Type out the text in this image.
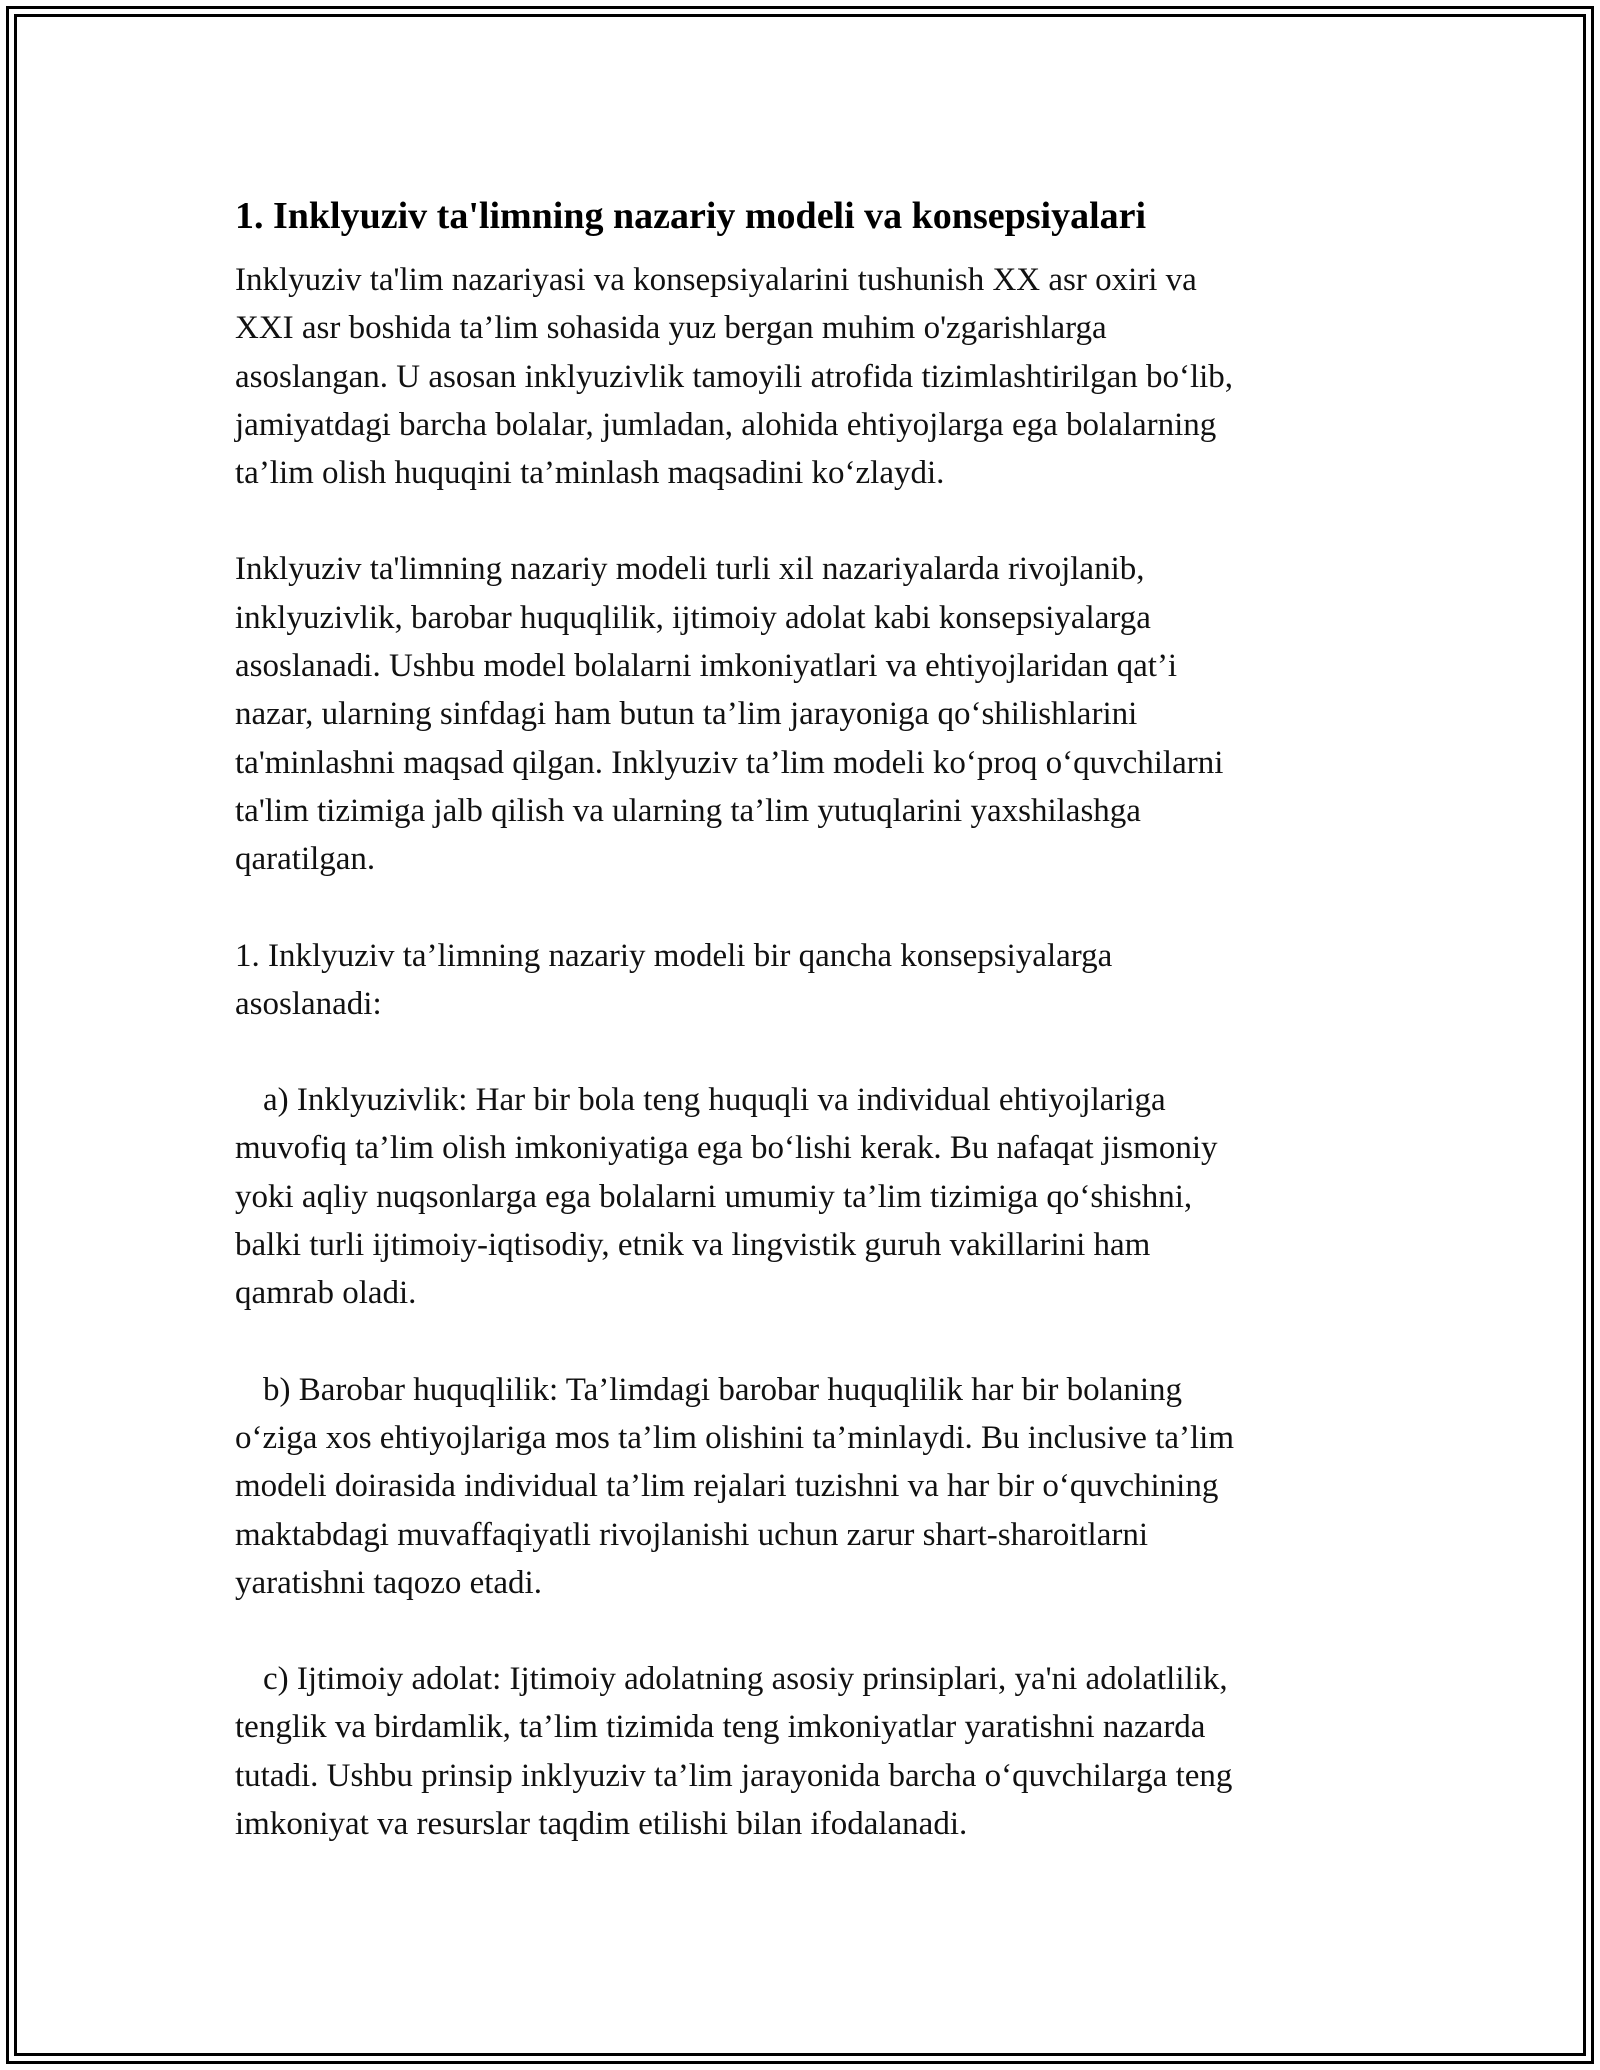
1. Inklyuziv ta'limning nazariy modeli va konsepsiyalari

Inklyuziv ta'lim nazariyasi va konsepsiyalarini tushunish XX asr oxiri va
XXI asr boshida ta’lim sohasida yuz bergan muhim o'zgarishlarga
asoslangan. U asosan inklyuzivlik tamoyili atrofida tizimlashtirilgan bo‘lib,
jamiyatdagi barcha bolalar, jumladan, alohida ehtiyojlarga ega bolalarning
ta’lim olish huquqini ta’minlash maqsadini ko‘zlaydi.

Inklyuziv ta'limning nazariy modeli turli xil nazariyalarda rivojlanib,
inklyuzivlik, barobar huquqlilik, ijtimoiy adolat kabi konsepsiyalarga
asoslanadi. Ushbu model bolalarni imkoniyatlari va ehtiyojlaridan qat’i
nazar, ularning sinfdagi ham butun ta’lim jarayoniga qo‘shilishlarini
ta'minlashni maqsad qilgan. Inklyuziv ta’lim modeli ko‘proq o‘quvchilarni
ta'lim tizimiga jalb qilish va ularning ta’lim yutuqlarini yaxshilashga
qaratilgan.

1. Inklyuziv ta’limning nazariy modeli bir qancha konsepsiyalarga
asoslanadi:

a) Inklyuzivlik: Har bir bola teng huquqli va individual ehtiyojlariga
muvofiq ta’lim olish imkoniyatiga ega bo‘lishi kerak. Bu nafaqat jismoniy
yoki aqliy nuqsonlarga ega bolalarni umumiy ta’lim tizimiga qo‘shishni,
balki turli ijtimoiy-iqtisodiy, etnik va lingvistik guruh vakillarini ham
qamrab oladi.

b) Barobar huquqlilik: Ta’limdagi barobar huquqlilik har bir bolaning
o‘ziga xos ehtiyojlariga mos ta’lim olishini ta’minlaydi. Bu inclusive ta’lim
modeli doirasida individual ta’lim rejalari tuzishni va har bir o‘quvchining
maktabdagi muvaffaqiyatli rivojlanishi uchun zarur shart-sharoitlarni
yaratishni taqozo etadi.

c) Ijtimoiy adolat: Ijtimoiy adolatning asosiy prinsiplari, ya'ni adolatlilik,
tenglik va birdamlik, ta’lim tizimida teng imkoniyatlar yaratishni nazarda
tutadi. Ushbu prinsip inklyuziv ta’lim jarayonida barcha o‘quvchilarga teng
imkoniyat va resurslar taqdim etilishi bilan ifodalanadi.
